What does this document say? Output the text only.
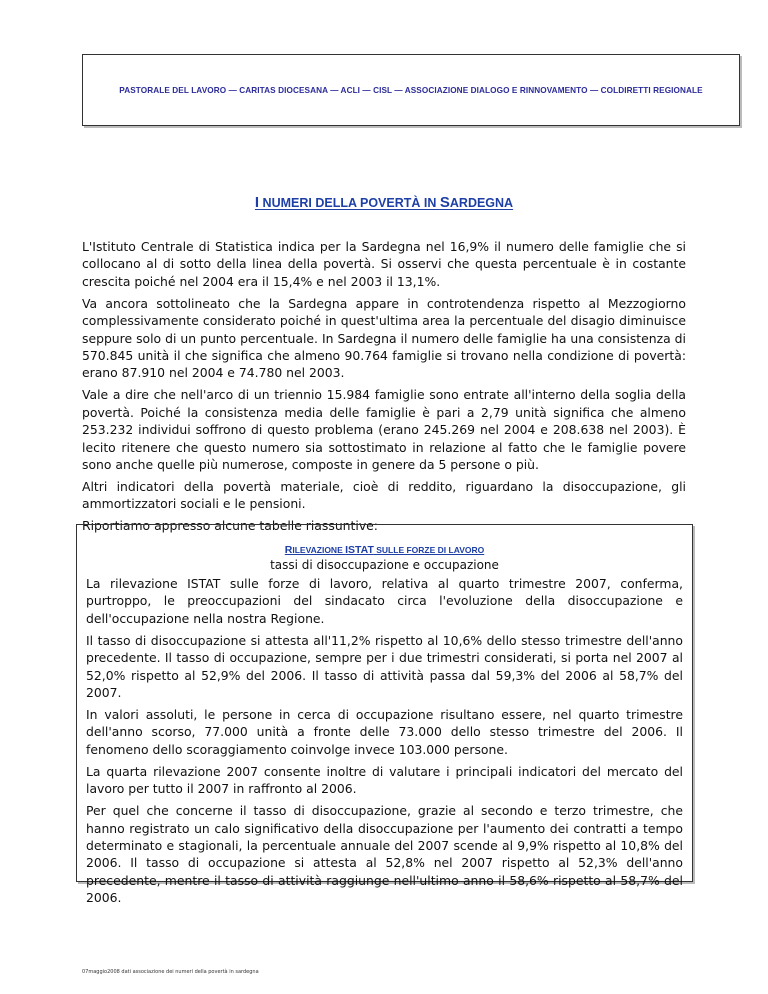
PASTORALE DEL LAVORO — CARITAS DIOCESANA — ACLI — CISL — ASSOCIAZIONE DIALOGO E RINNOVAMENTO — COLDIRETTI REGIONALE
I NUMERI DELLA POVERTÀ IN SARDEGNA

L'Istituto Centrale di Statistica indica per la Sardegna nel 16,9% il numero delle famiglie che si collocano al di sotto della linea della povertà. Si osservi che questa percentuale è in costante crescita poiché nel 2004 era il 15,4% e nel 2003 il 13,1%.

Va ancora sottolineato che la Sardegna appare in controtendenza rispetto al Mezzogiorno complessivamente considerato poiché in quest'ultima area la percentuale del disagio diminuisce seppure solo di un punto percentuale. In Sardegna il numero delle famiglie ha una consistenza di 570.845 unità il che significa che almeno 90.764 famiglie si trovano nella condizione di povertà: erano 87.910 nel 2004 e 74.780 nel 2003.

Vale a dire che nell'arco di un triennio 15.984 famiglie sono entrate all'interno della soglia della povertà. Poiché la consistenza media delle famiglie è pari a 2,79 unità significa che almeno 253.232 individui soffrono di questo problema (erano 245.269 nel 2004 e 208.638 nel 2003). È lecito ritenere che questo numero sia sottostimato in relazione al fatto che le famiglie povere sono anche quelle più numerose, composte in genere da 5 persone o più.

Altri indicatori della povertà materiale, cioè di reddito, riguardano la disoccupazione, gli ammortizzatori sociali e le pensioni.

Riportiamo appresso alcune tabelle riassuntive:

RILEVAZIONE ISTAT SULLE FORZE DI LAVORO
tassi di disoccupazione e occupazione

La rilevazione ISTAT sulle forze di lavoro, relativa al quarto trimestre 2007, conferma, purtroppo, le preoccupazioni del sindacato circa l'evoluzione della disoccupazione e dell'occupazione nella nostra Regione.

Il tasso di disoccupazione si attesta all'11,2% rispetto al 10,6% dello stesso trimestre dell'anno precedente. Il tasso di occupazione, sempre per i due trimestri considerati, si porta nel 2007 al 52,0% rispetto al 52,9% del 2006. Il tasso di attività passa dal 59,3% del 2006 al 58,7% del 2007.

In valori assoluti, le persone in cerca di occupazione risultano essere, nel quarto trimestre dell'anno scorso, 77.000 unità a fronte delle 73.000 dello stesso trimestre del 2006. Il fenomeno dello scoraggiamento coinvolge invece 103.000 persone.

La quarta rilevazione 2007 consente inoltre di valutare i principali indicatori del mercato del lavoro per tutto il 2007 in raffronto al 2006.

Per quel che concerne il tasso di disoccupazione, grazie al secondo e terzo trimestre, che hanno registrato un calo significativo della disoccupazione per l'aumento dei contratti a tempo determinato e stagionali, la percentuale annuale del 2007 scende al 9,9% rispetto al 10,8% del 2006. Il tasso di occupazione si attesta al 52,8% nel 2007 rispetto al 52,3% dell'anno precedente, mentre il tasso di attività raggiunge nell'ultimo anno il 58,6% rispetto al 58,7% del 2006.

07maggio2008 dati associazione dei numeri della povertà in sardegna
